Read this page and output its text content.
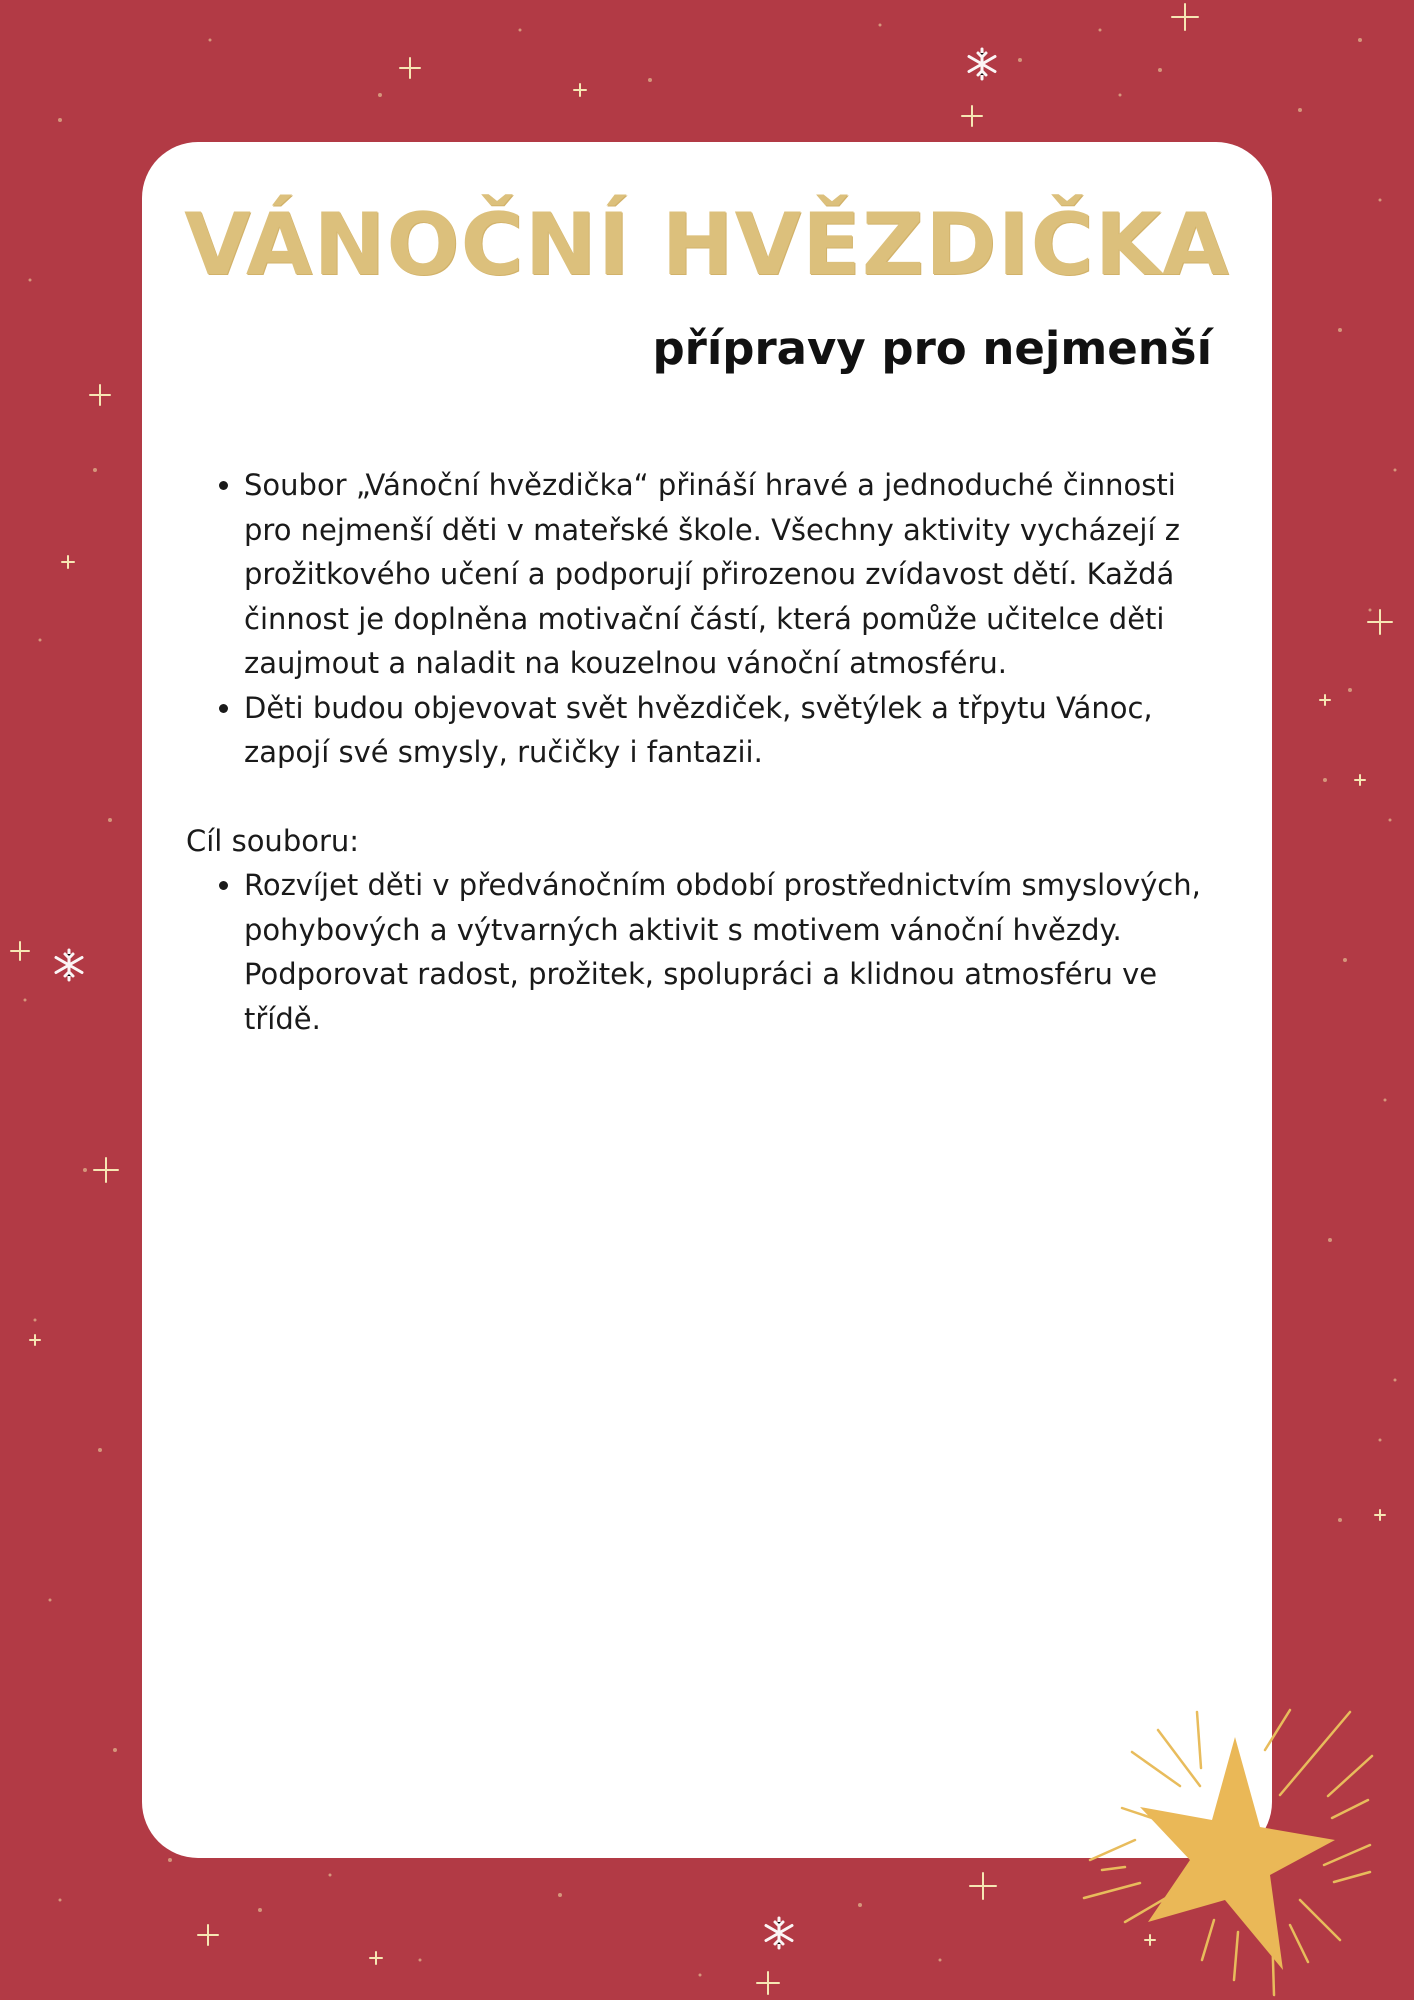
VÁNOČNÍ HVĚZDIČKA
přípravy pro nejmenší
• Soubor „Vánoční hvězdička“ přináší hravé a jednoduché činnosti pro nejmenší děti v mateřské škole. Všechny aktivity vycházejí z prožitkového učení a podporují přirozenou zvídavost dětí. Každá činnost je doplněna motivační částí, která pomůže učitelce děti zaujmout a naladit na kouzelnou vánoční atmosféru.
• Děti budou objevovat svět hvězdiček, světýlek a třpytu Vánoc, zapojí své smysly, ručičky i fantazii.
Cíl souboru:
• Rozvíjet děti v předvánočním období prostřednictvím smyslových, pohybových a výtvarných aktivit s motivem vánoční hvězdy. Podporovat radost, prožitek, spolupráci a klidnou atmosféru ve třídě.
